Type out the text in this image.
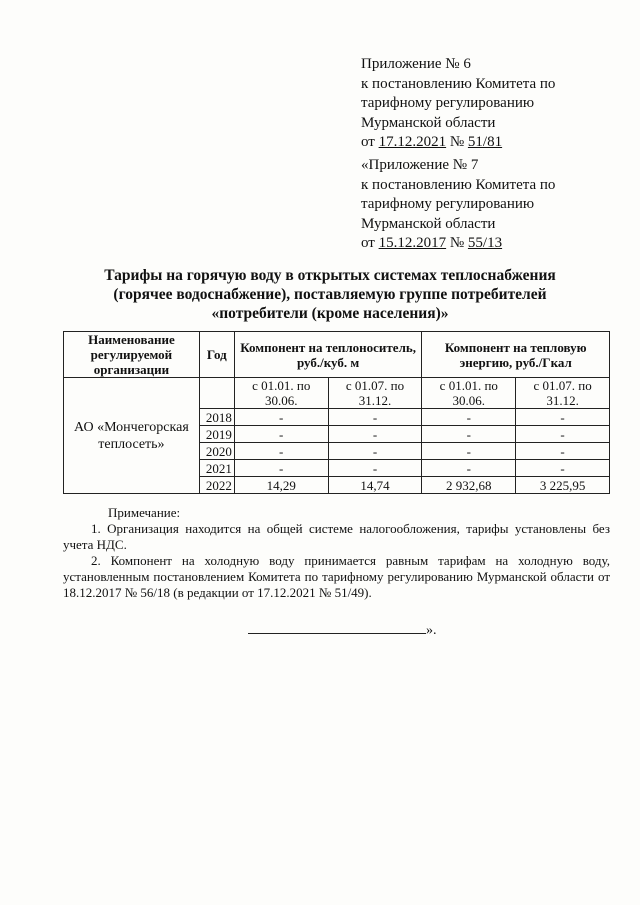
Приложение № 6
к постановлению Комитета по
тарифному регулированию
Мурманской области
от 17.12.2021 № 51/81
«Приложение № 7
к постановлению Комитета по
тарифному регулированию
Мурманской области
от 15.12.2017 № 55/13
Тарифы на горячую воду в открытых системах теплоснабжения
(горячее водоснабжение), поставляемую группе потребителей
«потребители (кроме населения)»
Наименование регулируемой организации	Год	Компонент на теплоноситель, руб./куб. м		Компонент на тепловую энергию, руб./Гкал	
АО «Мончегорская теплосеть»		с 01.01. по 30.06.	с 01.07. по 31.12.	с 01.01. по 30.06.	с 01.07. по 31.12.
	2018	-	-	-	-
	2019	-	-	-	-
	2020	-	-	-	-
	2021	-	-	-	-
	2022	14,29	14,74	2 932,68	3 225,95
Примечание:
1. Организация находится на общей системе налогообложения, тарифы установлены без учета НДС.
2. Компонент на холодную воду принимается равным тарифам на холодную воду, установленным постановлением Комитета по тарифному регулированию Мурманской области от 18.12.2017 № 56/18 (в редакции от 17.12.2021 № 51/49).
».
